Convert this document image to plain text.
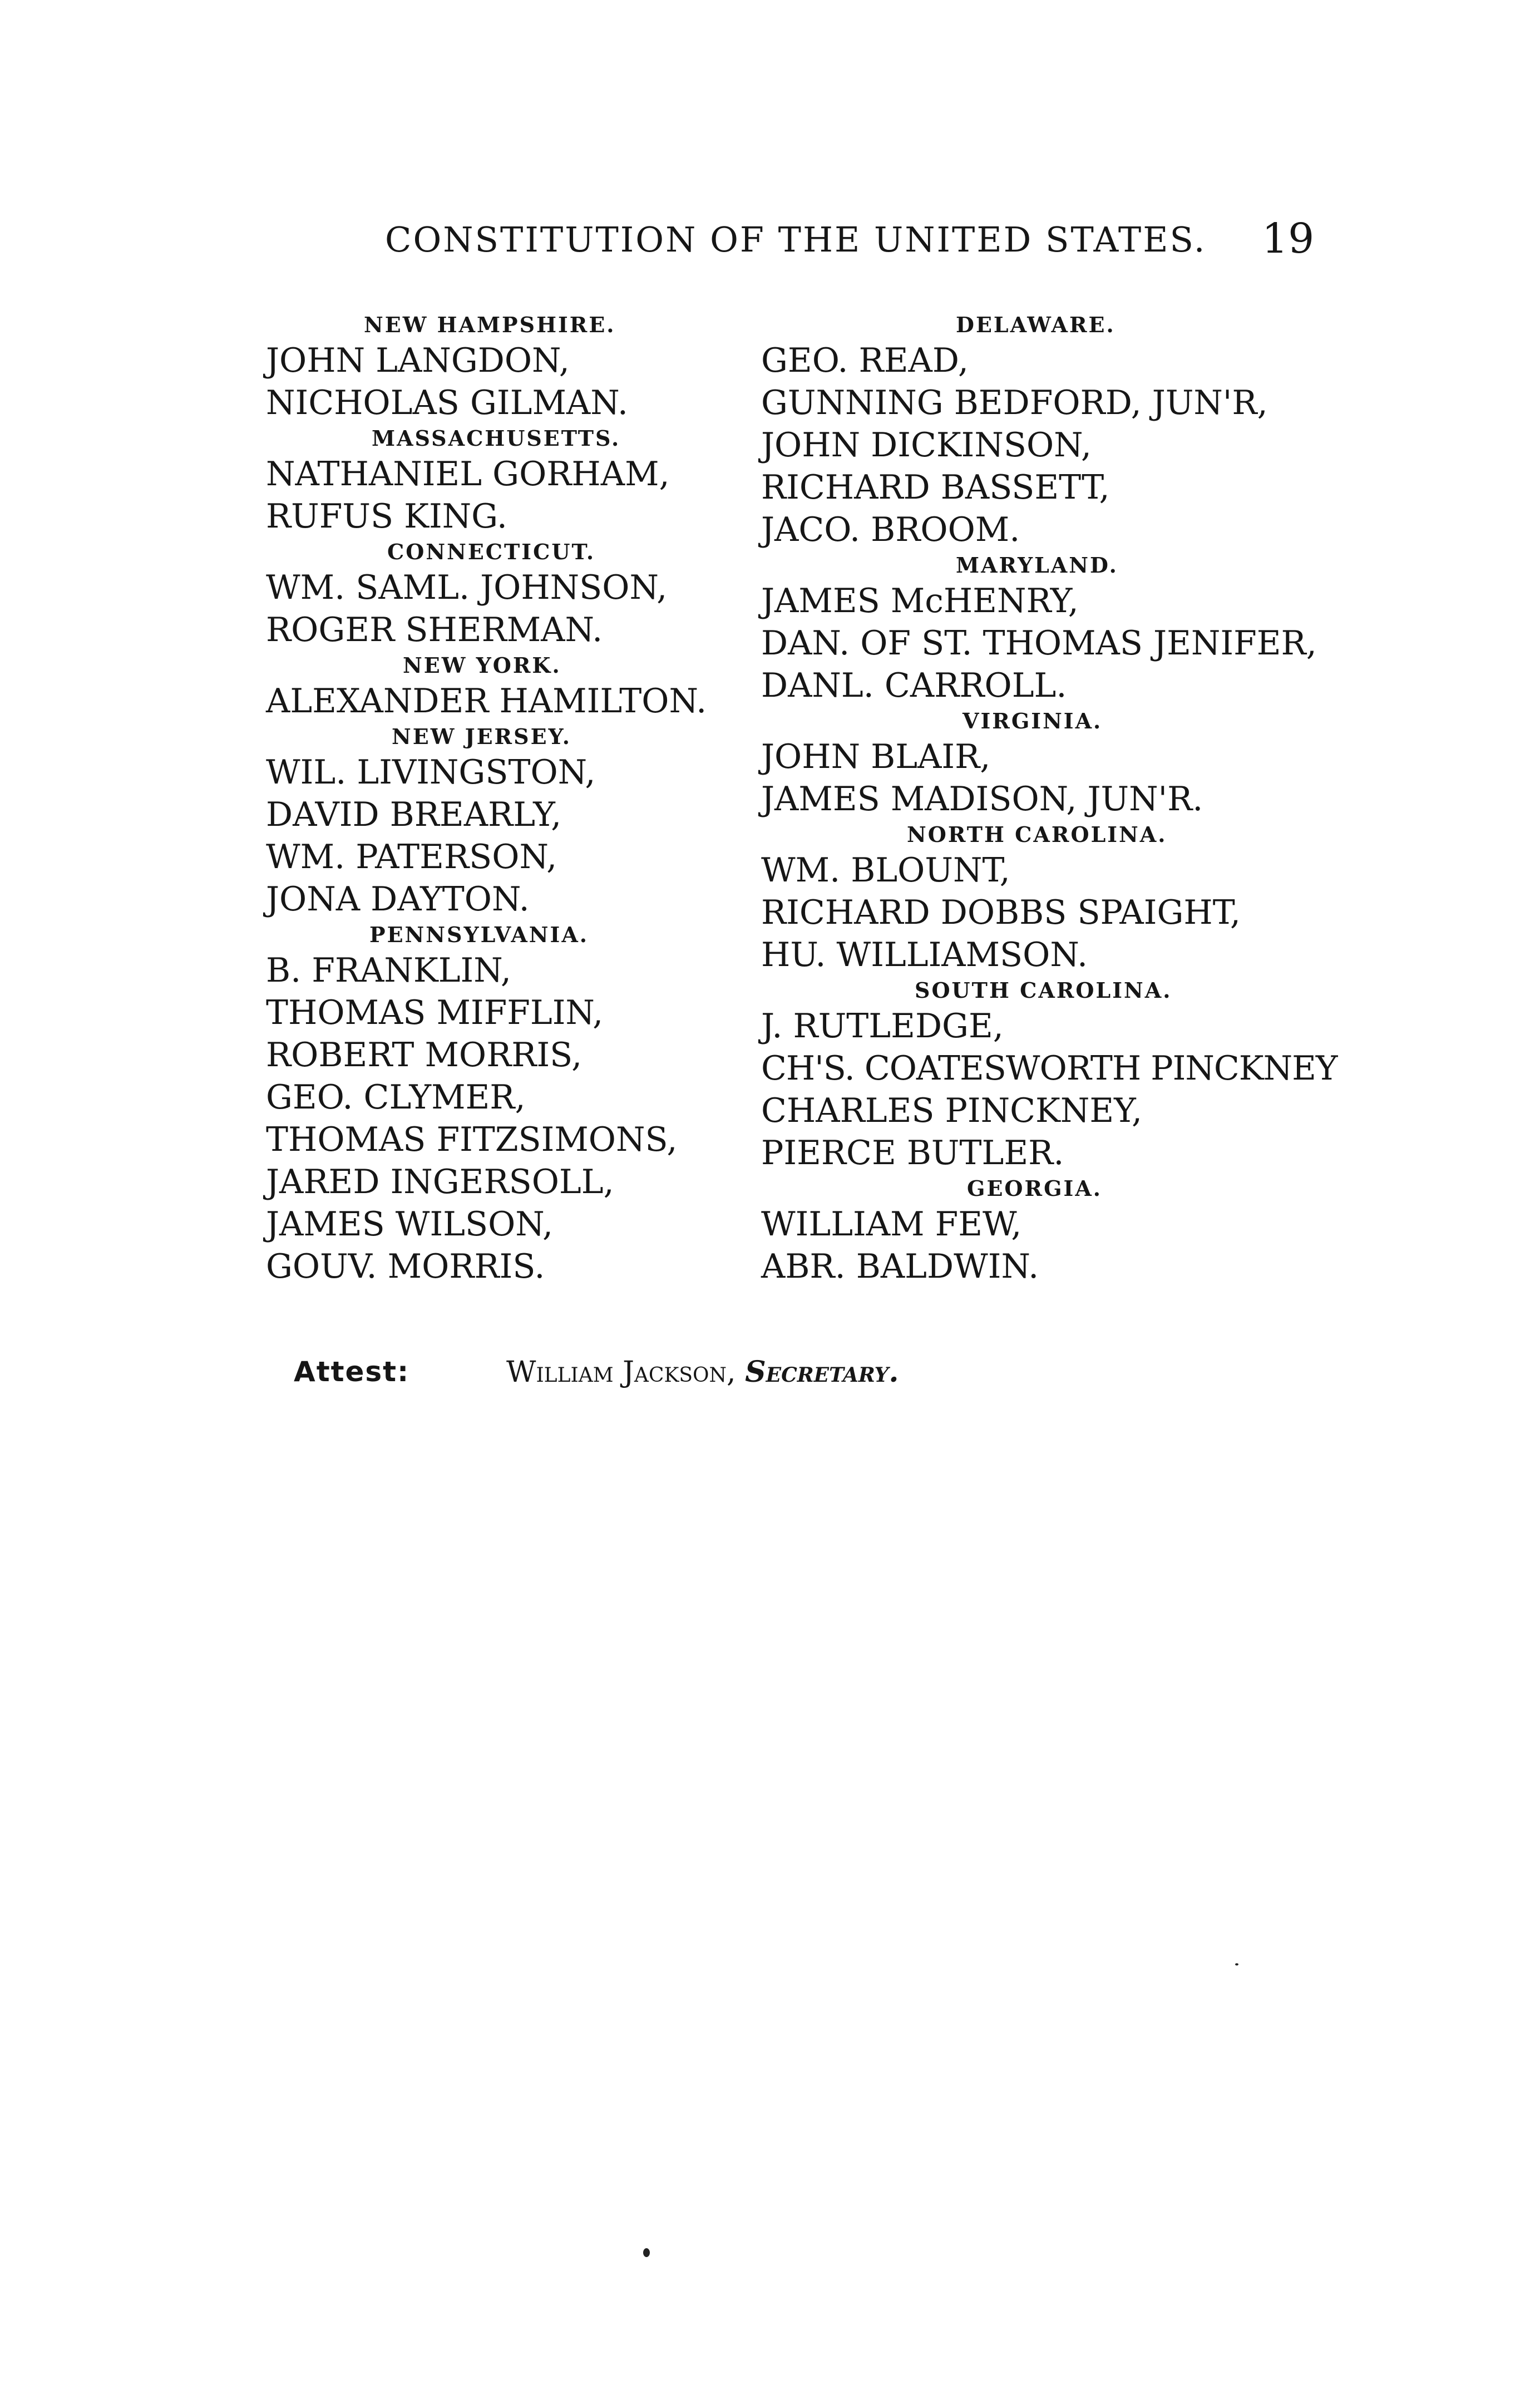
CONSTITUTION OF THE UNITED STATES. 19
NEW HAMPSHIRE.
JOHN LANGDON,
NICHOLAS GILMAN.
MASSACHUSETTS.
NATHANIEL GORHAM,
RUFUS KING.
CONNECTICUT.
WM. SAML. JOHNSON,
ROGER SHERMAN.
NEW YORK.
ALEXANDER HAMILTON.
NEW JERSEY.
WIL. LIVINGSTON,
DAVID BREARLY,
WM. PATERSON,
JONA DAYTON.
PENNSYLVANIA.
B. FRANKLIN,
THOMAS MIFFLIN,
ROBERT MORRIS,
GEO. CLYMER,
THOMAS FITZSIMONS,
JARED INGERSOLL,
JAMES WILSON,
GOUV. MORRIS.
DELAWARE.
GEO. READ,
GUNNING BEDFORD, JUN'R,
JOHN DICKINSON,
RICHARD BASSETT,
JACO. BROOM.
MARYLAND.
JAMES McHENRY,
DAN. OF ST. THOMAS JENIFER,
DANL. CARROLL.
VIRGINIA.
JOHN BLAIR,
JAMES MADISON, JUN'R.
NORTH CAROLINA.
WM. BLOUNT,
RICHARD DOBBS SPAIGHT,
HU. WILLIAMSON.
SOUTH CAROLINA.
J. RUTLEDGE,
CH'S. COATESWORTH PINCKNEY
CHARLES PINCKNEY,
PIERCE BUTLER.
GEORGIA.
WILLIAM FEW,
ABR. BALDWIN.
Attest:	William Jackson, Secretary.
